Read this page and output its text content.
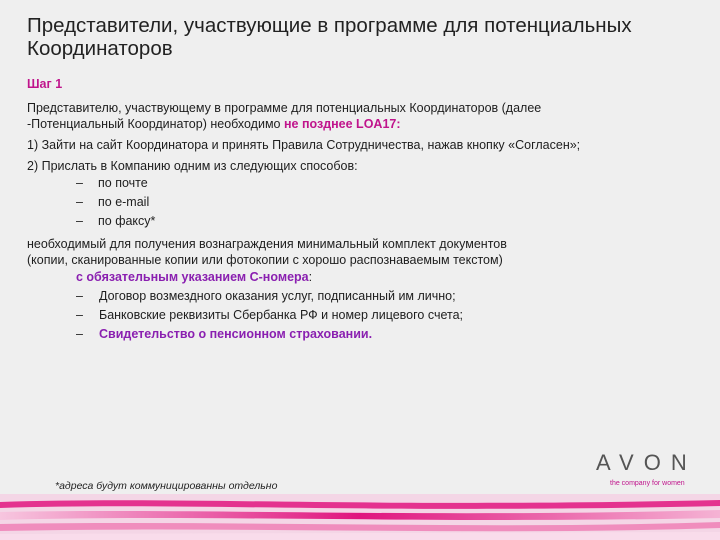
Представители, участвующие в программе для потенциальных Координаторов
Шаг 1

Представителю, участвующему в программе для потенциальных Координаторов (далее

-Потенциальный Координатор) необходимо не позднее LOA17:

1) Зайти на сайт Координатора и принять Правила Сотрудничества, нажав кнопку «Согласен»;

2) Прислать в Компанию одним из следующих способов:

– по почте
– по e-mail
– по факсу*

необходимый для получения вознаграждения минимальный комплект документов

(копии, сканированные копии или фотокопии с хорошо распознаваемым текстом)

с обязательным указанием С-номера:
– Договор возмездного оказания услуг, подписанный им лично;
– Банковские реквизиты Сбербанка РФ и номер лицевого счета;
– Свидетельство о пенсионном страховании.
*адреса будут коммуницированны отдельно
AVON
the company for women
